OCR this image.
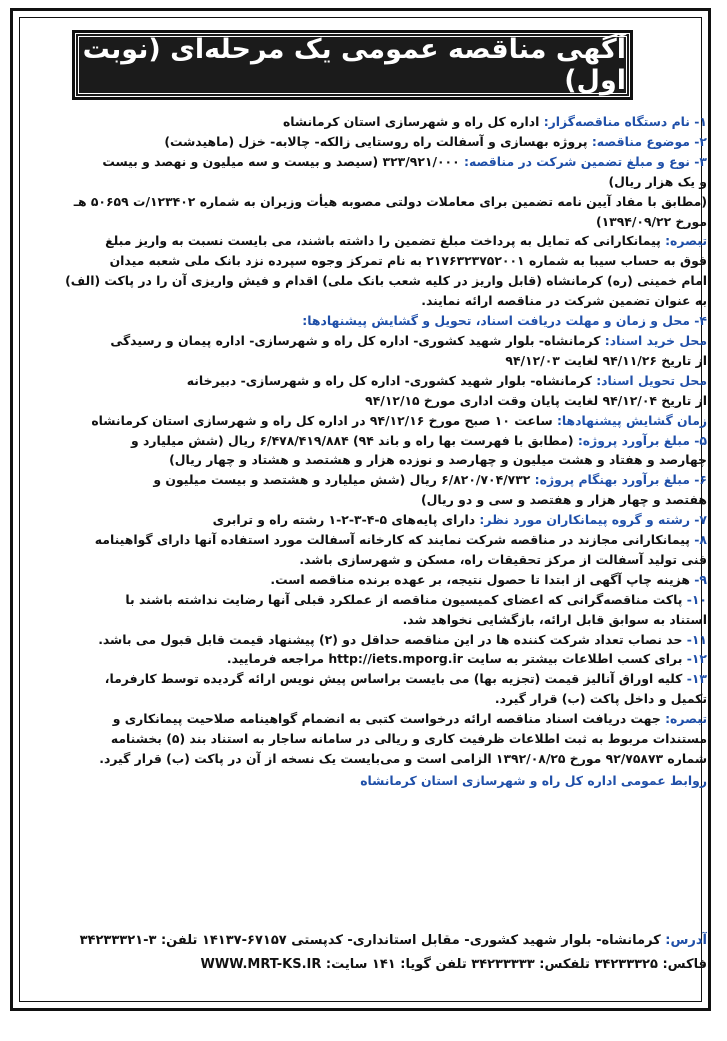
آگهی مناقصه عمومی یک مرحله‌ای (نوبت اول)
۱- نام دستگاه مناقصه‌گزار: اداره کل راه و شهرسازی استان کرمانشاه
۲- موضوع مناقصه: پروژه بهسازی و آسفالت راه روستایی زالکه- چالابه- خزل (ماهیدشت)
۳- نوع و مبلغ تضمین شرکت در مناقصه: ۳۲۳/۹۲۱/۰۰۰ (سیصد و بیست و سه میلیون و نهصد و بیست
و یک هزار ریال)
(مطابق با مفاد آیین نامه تضمین برای معاملات دولتی مصوبه هیأت وزیران به شماره ۱۲۳۴۰۲/ت ۵۰۶۵۹ هـ
مورخ ۱۳۹۴/۰۹/۲۲)
تبصره: پیمانکارانی که تمایل به پرداخت مبلغ تضمین را داشته باشند، می بایست نسبت به واریز مبلغ
فوق به حساب سیبا به شماره ۲۱۷۶۳۲۳۷۵۲۰۰۱ به نام تمرکز وجوه سپرده نزد بانک ملی شعبه میدان
امام خمینی (ره) کرمانشاه (قابل واریز در کلیه شعب بانک ملی) اقدام و فیش واریزی آن را در پاکت (الف)
به عنوان تضمین شرکت در مناقصه ارائه نمایند.
۴- محل و زمان و مهلت دریافت اسناد، تحویل و گشایش پیشنهادها:
محل خرید اسناد: کرمانشاه- بلوار شهید کشوری- اداره کل راه و شهرسازی- اداره پیمان و رسیدگی
از تاریخ ۹۴/۱۱/۲۶ لغایت ۹۴/۱۲/۰۳
محل تحویل اسناد: کرمانشاه- بلوار شهید کشوری- اداره کل راه و شهرسازی- دبیرخانه
از تاریخ ۹۴/۱۲/۰۴ لغایت پایان وقت اداری مورخ ۹۴/۱۲/۱۵
زمان گشایش پیشنهادها: ساعت ۱۰ صبح مورخ ۹۴/۱۲/۱۶ در اداره کل راه و شهرسازی استان کرمانشاه
۵- مبلغ برآورد پروژه: (مطابق با فهرست بها راه و باند ۹۴) ۶/۴۷۸/۴۱۹/۸۸۴ ریال (شش میلیارد و
چهارصد و هفتاد و هشت میلیون و چهارصد و نوزده هزار و هشتصد و هشتاد و چهار ریال)
۶- مبلغ برآورد بهنگام پروژه: ۶/۸۲۰/۷۰۴/۷۳۲ ریال (شش میلیارد و هشتصد و بیست میلیون و
هفتصد و چهار هزار و هفتصد و سی و دو ریال)
۷- رشته و گروه پیمانکاران مورد نظر: دارای پایه‌های ۵-۴-۳-۲-۱ رشته راه و ترابری
۸- پیمانکارانی مجازند در مناقصه شرکت نمایند که کارخانه آسفالت مورد استفاده آنها دارای گواهینامه
فنی تولید آسفالت از مرکز تحقیقات راه، مسکن و شهرسازی باشد.
۹- هزینه چاپ آگهی از ابتدا تا حصول نتیجه، بر عهده برنده مناقصه است.
۱۰- پاکت مناقصه‌گرانی که اعضای کمیسیون مناقصه از عملکرد قبلی آنها رضایت نداشته باشند با
استناد به سوابق قابل ارائه، بازگشایی نخواهد شد.
۱۱- حد نصاب تعداد شرکت کننده ها در این مناقصه حداقل دو (۲) پیشنهاد قیمت قابل قبول می باشد.
۱۲- برای کسب اطلاعات بیشتر به سایت http://iets.mporg.ir مراجعه فرمایید.
۱۳- کلیه اوراق آنالیز قیمت (تجزیه بها) می بایست براساس پیش نویس ارائه گردیده توسط کارفرما،
تکمیل و داخل پاکت (ب) قرار گیرد.
تبصره: جهت دریافت اسناد مناقصه ارائه درخواست کتبی به انضمام گواهینامه صلاحیت پیمانکاری و
مستندات مربوط به ثبت اطلاعات ظرفیت کاری و ریالی در سامانه ساجار به استناد بند (۵) بخشنامه
شماره ۹۲/۷۵۸۷۳ مورخ ۱۳۹۲/۰۸/۲۵ الزامی است و می‌بایست یک نسخه از آن در پاکت (ب) قرار گیرد.
روابط عمومی اداره کل راه و شهرسازی استان کرمانشاه
آدرس: کرمانشاه- بلوار شهید کشوری- مقابل استانداری- کدپستی ۶۷۱۵۷-۱۴۱۳۷ تلفن: ۳-۳۴۲۳۳۳۲۱
فاکس: ۳۴۲۳۳۳۲۵ تلفکس: ۳۴۲۳۳۳۳۳ تلفن گویا: ۱۴۱ سایت: WWW.MRT-KS.IR
